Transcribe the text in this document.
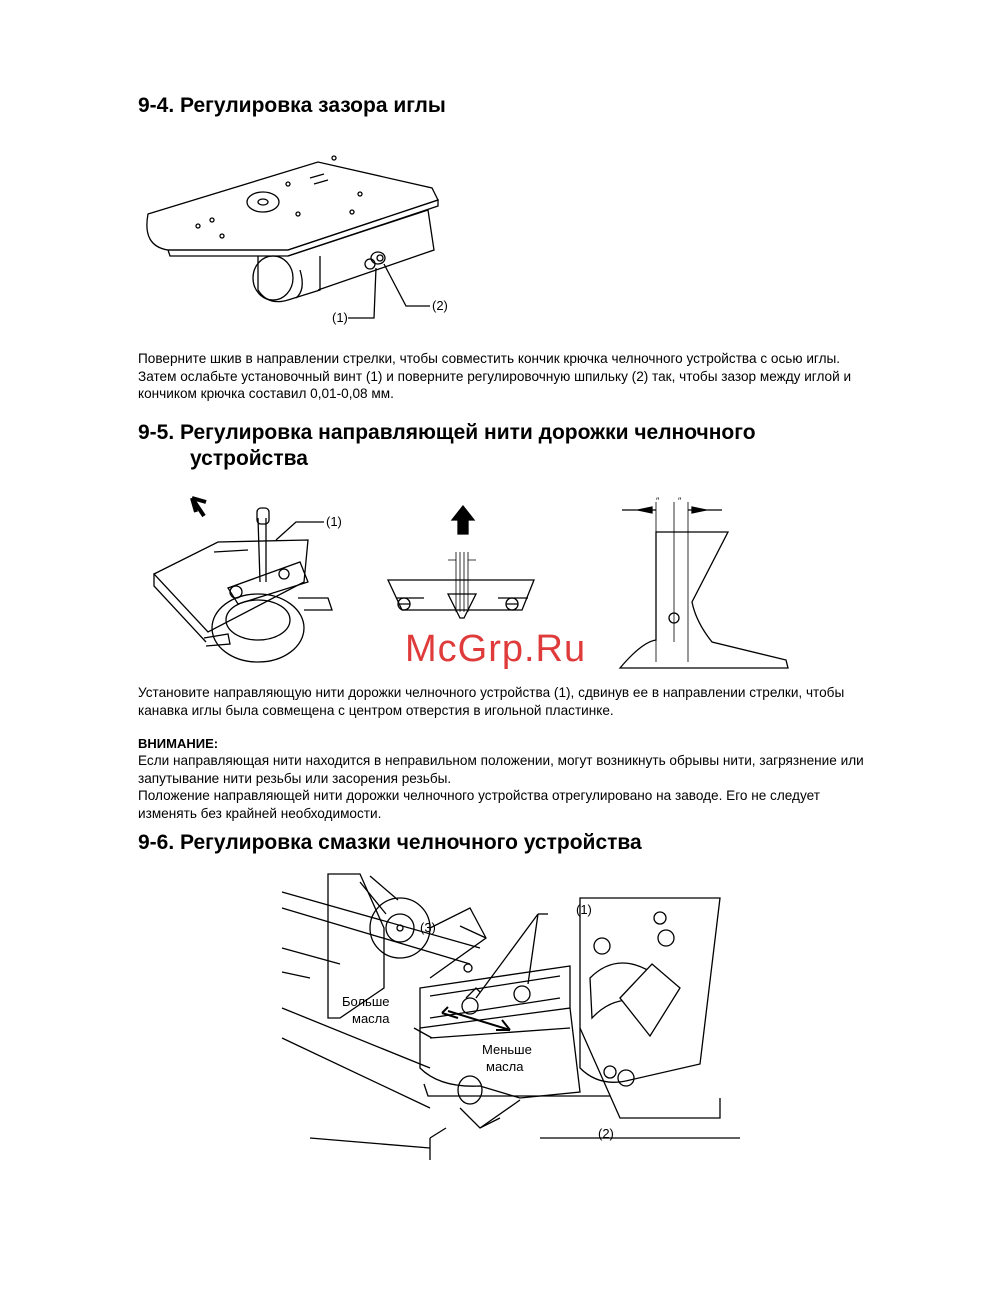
9-4. Регулировка зазора иглы
(1)
(2)
Поверните шкив в направлении стрелки, чтобы совместить кончик крючка челночного устройства с осью иглы.
Затем ослабьте установочный винт (1) и поверните регулировочную шпильку (2) так, чтобы зазор между иглой и
кончиком крючка составил 0,01-0,08 мм.
9-5. Регулировка направляющей нити дорожки челночного
устройства
(1)
″ ″
McGrp.Ru
Установите направляющую нити дорожки челночного устройства (1), сдвинув ее в направлении стрелки, чтобы
канавка иглы была совмещена с центром отверстия в игольной пластинке.
ВНИМАНИЕ:
Если направляющая нити находится в неправильном положении, могут возникнуть обрывы нити, загрязнение или
запутывание нити резьбы или засорения резьбы.
Положение направляющей нити дорожки челночного устройства отрегулировано на заводе. Его не следует
изменять без крайней необходимости.
9-6. Регулировка смазки челночного устройства
(1)
(2)
(3)
Больше
масла
Меньше
масла
